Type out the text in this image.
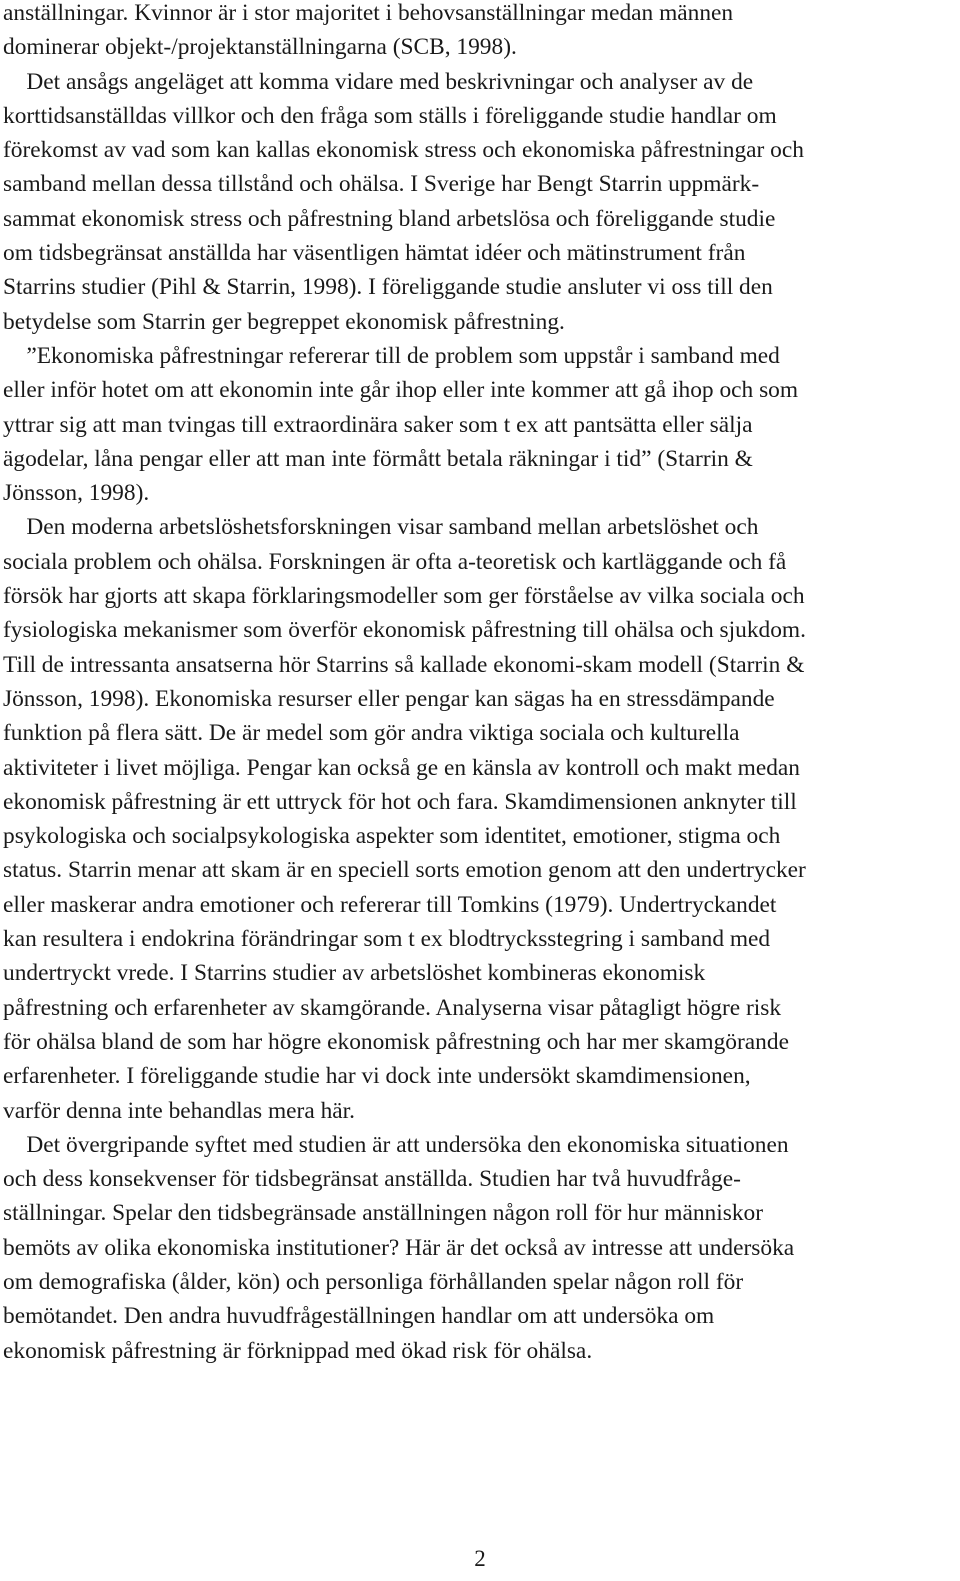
anställningar. Kvinnor är i stor majoritet i behovsanställningar medan männen
dominerar objekt-/projektanställningarna (SCB, 1998).
Det ansågs angeläget att komma vidare med beskrivningar och analyser av de
korttidsanställdas villkor och den fråga som ställs i föreliggande studie handlar om
förekomst av vad som kan kallas ekonomisk stress och ekonomiska påfrestningar och
samband mellan dessa tillstånd och ohälsa. I Sverige har Bengt Starrin uppmärk-
sammat ekonomisk stress och påfrestning bland arbetslösa och föreliggande studie
om tidsbegränsat anställda har väsentligen hämtat idéer och mätinstrument från
Starrins studier (Pihl & Starrin, 1998). I föreliggande studie ansluter vi oss till den
betydelse som Starrin ger begreppet ekonomisk påfrestning.
”Ekonomiska påfrestningar refererar till de problem som uppstår i samband med
eller inför hotet om att ekonomin inte går ihop eller inte kommer att gå ihop och som
yttrar sig att man tvingas till extraordinära saker som t ex att pantsätta eller sälja
ägodelar, låna pengar eller att man inte förmått betala räkningar i tid” (Starrin &
Jönsson, 1998).
Den moderna arbetslöshetsforskningen visar samband mellan arbetslöshet och
sociala problem och ohälsa. Forskningen är ofta a-teoretisk och kartläggande och få
försök har gjorts att skapa förklaringsmodeller som ger förståelse av vilka sociala och
fysiologiska mekanismer som överför ekonomisk påfrestning till ohälsa och sjukdom.
Till de intressanta ansatserna hör Starrins så kallade ekonomi-skam modell (Starrin &
Jönsson, 1998). Ekonomiska resurser eller pengar kan sägas ha en stressdämpande
funktion på flera sätt. De är medel som gör andra viktiga sociala och kulturella
aktiviteter i livet möjliga. Pengar kan också ge en känsla av kontroll och makt medan
ekonomisk påfrestning är ett uttryck för hot och fara. Skamdimensionen anknyter till
psykologiska och socialpsykologiska aspekter som identitet, emotioner, stigma och
status. Starrin menar att skam är en speciell sorts emotion genom att den undertrycker
eller maskerar andra emotioner och refererar till Tomkins (1979). Undertryckandet
kan resultera i endokrina förändringar som t ex blodtrycksstegring i samband med
undertryckt vrede. I Starrins studier av arbetslöshet kombineras ekonomisk
påfrestning och erfarenheter av skamgörande. Analyserna visar påtagligt högre risk
för ohälsa bland de som har högre ekonomisk påfrestning och har mer skamgörande
erfarenheter. I föreliggande studie har vi dock inte undersökt skamdimensionen,
varför denna inte behandlas mera här.
Det övergripande syftet med studien är att undersöka den ekonomiska situationen
och dess konsekvenser för tidsbegränsat anställda. Studien har två huvudfråge-
ställningar. Spelar den tidsbegränsade anställningen någon roll för hur människor
bemöts av olika ekonomiska institutioner? Här är det också av intresse att undersöka
om demografiska (ålder, kön) och personliga förhållanden spelar någon roll för
bemötandet. Den andra huvudfrågeställningen handlar om att undersöka om
ekonomisk påfrestning är förknippad med ökad risk för ohälsa.
2
